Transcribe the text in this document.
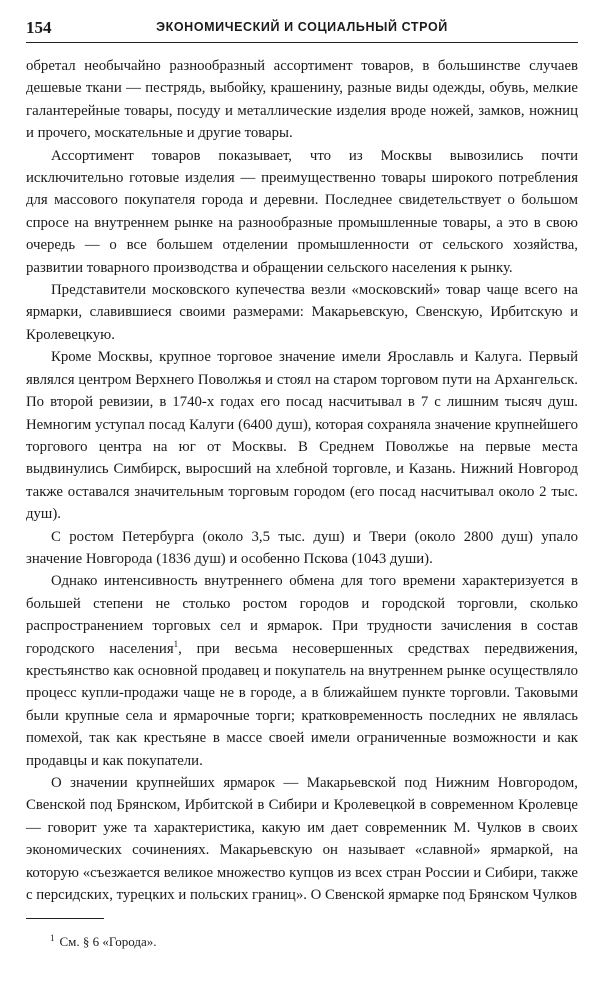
154	ЭКОНОМИЧЕСКИЙ И СОЦИАЛЬНЫЙ СТРОЙ

обретал необычайно разнообразный ассортимент товаров, в большинстве случаев дешевые ткани — пестрядь, выбойку, крашенину, разные виды одежды, обувь, мелкие галантерейные товары, посуду и металлические изделия вроде ножей, замков, ножниц и прочего, москательные и другие товары.

Ассортимент товаров показывает, что из Москвы вывозились почти исключительно готовые изделия — преимущественно товары широкого потребления для массового покупателя города и деревни. Последнее свидетельствует о большом спросе на внутреннем рынке на разнообразные промышленные товары, а это в свою очередь — о все большем отделении промышленности от сельского хозяйства, развитии товарного производства и обращении сельского населения к рынку.

Представители московского купечества везли «московский» товар чаще всего на ярмарки, славившиеся своими размерами: Макарьевскую, Свенскую, Ирбитскую и Кролевецкую.

Кроме Москвы, крупное торговое значение имели Ярославль и Калуга. Первый являлся центром Верхнего Поволжья и стоял на старом торговом пути на Архангельск. По второй ревизии, в 1740-х годах его посад насчитывал в 7 с лишним тысяч душ. Немногим уступал посад Калуги (6400 душ), которая сохраняла значение крупнейшего торгового центра на юг от Москвы. В Среднем Поволжье на первые места выдвинулись Симбирск, выросший на хлебной торговле, и Казань. Нижний Новгород также оставался значительным торговым городом (его посад насчитывал около 2 тыс. душ).

С ростом Петербурга (около 3,5 тыс. душ) и Твери (около 2800 душ) упало значение Новгорода (1836 душ) и особенно Пскова (1043 души).

Однако интенсивность внутреннего обмена для того времени характеризуется в большей степени не столько ростом городов и городской торговли, сколько распространением торговых сел и ярмарок. При трудности зачисления в состав городского населения$^1$, при весьма несовершенных средствах передвижения, крестьянство как основной продавец и покупатель на внутреннем рынке осуществляло процесс купли-продажи чаще не в городе, а в ближайшем пункте торговли. Таковыми были крупные села и ярмарочные торги; кратковременность последних не являлась помехой, так как крестьяне в массе своей имели ограниченные возможности и как продавцы и как покупатели.

О значении крупнейших ярмарок — Макарьевской под Нижним Новгородом, Свенской под Брянском, Ирбитской в Сибири и Кролевецкой в современном Кролевце — говорит уже та характеристика, какую им дает современник М. Чулков в своих экономических сочинениях. Макарьевскую он называет «славной» ярмаркой, на которую «съезжается великое множество купцов из всех стран России и Сибири, также с персидских, турецких и польских границ». О Свенской ярмарке под Брянском Чулков

$^1$ См. § 6 «Города».
